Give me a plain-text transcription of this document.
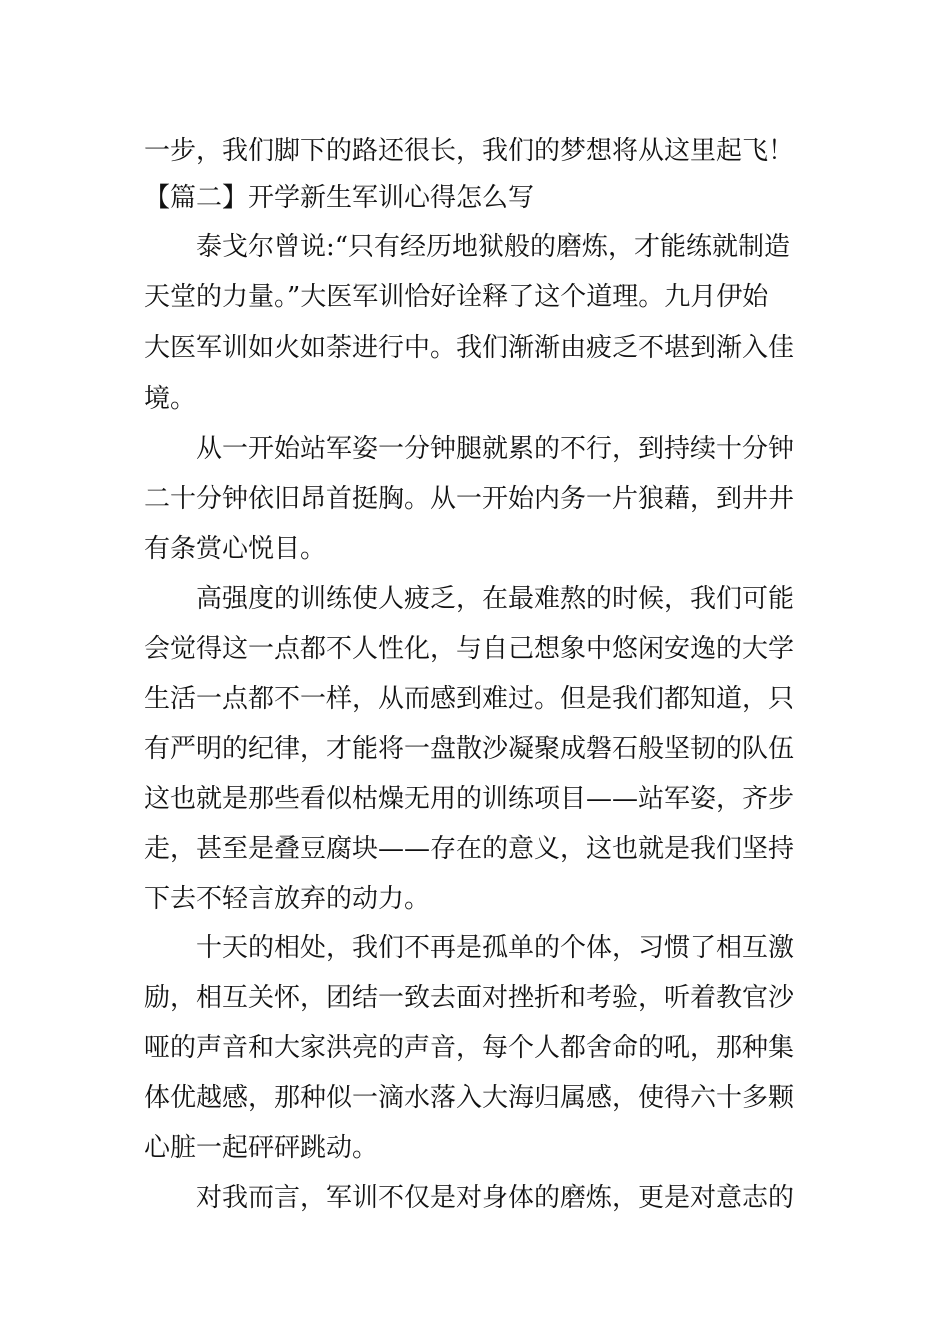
一步，我们脚下的路还很长，我们的梦想将从这里起飞！
【篇二】开学新生军训心得怎么写
泰戈尔曾说:“只有经历地狱般的磨炼，才能练就制造
天堂的力量。”大医军训恰好诠释了这个道理。九月伊始
大医军训如火如荼进行中。我们渐渐由疲乏不堪到渐入佳
境。
从一开始站军姿一分钟腿就累的不行，到持续十分钟
二十分钟依旧昂首挺胸。从一开始内务一片狼藉，到井井
有条赏心悦目。
高强度的训练使人疲乏，在最难熬的时候，我们可能
会觉得这一点都不人性化，与自己想象中悠闲安逸的大学
生活一点都不一样，从而感到难过。但是我们都知道，只
有严明的纪律，才能将一盘散沙凝聚成磐石般坚韧的队伍
这也就是那些看似枯燥无用的训练项目——站军姿，齐步
走，甚至是叠豆腐块——存在的意义，这也就是我们坚持
下去不轻言放弃的动力。
十天的相处，我们不再是孤单的个体，习惯了相互激
励，相互关怀，团结一致去面对挫折和考验，听着教官沙
哑的声音和大家洪亮的声音，每个人都舍命的吼，那种集
体优越感，那种似一滴水落入大海归属感，使得六十多颗
心脏一起砰砰跳动。
对我而言，军训不仅是对身体的磨炼，更是对意志的
